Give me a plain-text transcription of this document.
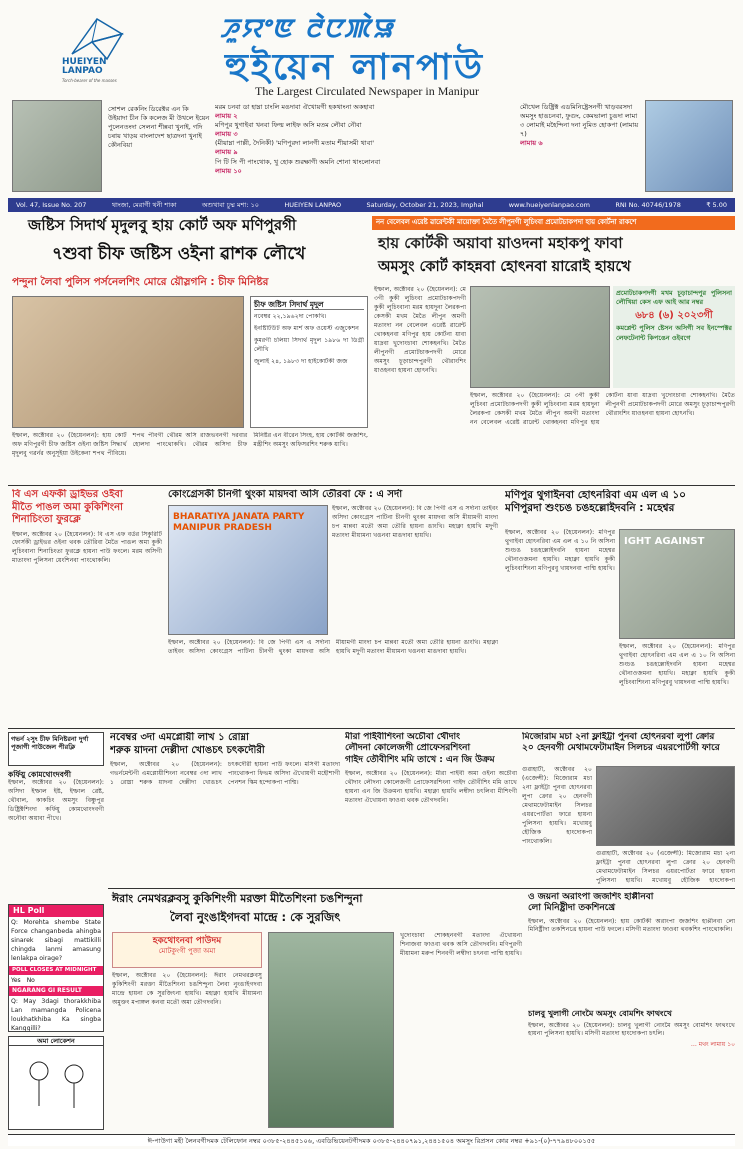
HUEIYEN
LANPAO
Torch-bearer of the masses
ꯍꯨꯌꯦꯟ ꯂꯥꯅꯄꯥꯎ
হুইয়েন লানপাউ
The Largest Circulated Newspaper in Manipur
সোশল রেকনিং ডিরেক্টর এন কি উইয়াদা চীন কি কলেজ মী উখলে ইয়েন পুলেনতংদা সেলনা শীন্নবা খুনাই, গদি চৰায় খাড়য় বাংলাদেশ ছাত্রদনা খুনাই কৌনবিয়া
মরম চনবা ডা হাম্না চাংলি মঙদাবা ঐখোয়গী হকথাংনা অকহাবা
লামায় ২
মণিপুর থুগাইবা খনবা ফিল্ম লাইফ অসি মতম লৌবা নৌবা
লামায় ৩
(মীয়াম্না পাল্লী, দৈনিকী) 'মণিপুরদা লানগী মতাম শীয়াসমী থাবা'
লামায় ৯
পি টি সি পী পাংথোক, খু হোক শুরক্ষাগী অমনি শোনা থাংলোনবা
লামায় ১০
মৌখেল ডিষ্ট্রিক্ট এডমিনিষ্ট্রেসনগী খাড়বরসদা অমসুং হাঙচনবা, ফুগুং, কেমভালা চুঙদা লামা ৩ লোমাই মহৈন্দিনা দনা নুমিত হোকপা (লামায় ৭)
লামায় ৬
Vol. 47, Issue No. 207	থাংজা, মেরাগী থনী শাকা	অশুখাবা চুদ্ম মশা: ১০	HUEIYEN LANPAO	Saturday, October 21, 2023, Imphal	www.hueiyenlanpao.com	RNI No. 40746/1978	₹ 5.00
জষ্টিস সিদার্থ মৃদুলবু হায় কোর্ট অফ মণিপুরগী
৭শুবা চীফ জষ্টিস ওইনা ৱাশক লৌখে
পন্দুনা লৈবা পুলিস পর্সনেলশিং মোরে য়ৌস্লগনি : চীফ মিনিষ্টর
চীফ জষ্টিস সিদার্থ মৃদুল
নবেম্বর ২২,১৯৬২দা পোকখি।
ইনষ্টিটিউট অফ মার্শ অফ ওয়েস্ট এজুকেশন
কুমরগী চলিয়া সিদার্থ মৃদুল ১৯৮৬ দা ডিগ্রী লৌখি
জুলাই ২৪, ১৯৮৩ দা হাইকোর্টকী জজ
ইম্ফাল, অক্টোবর ২০ (হৈয়েনলন): হায় কোর্ট অফ মণিপুরগী চীফ জষ্টিস ওইনা জষ্টিস সিদ্ধার্থ মৃদুলবু গৱর্নর অনুসূইয়া উইকেনা শপথ পীবিয়ে। শপথ পীবগী থৌরম অসি রাজভবনগী দরবার হোলদা পাংথোকখি। থৌরম অসিদা চীফ মিনিষ্টর এন বীরেন সিংহ, হায় কোর্টকী জজশিং, মন্ত্রীশিং অমসুং অফিসরশিং শরুক য়াখি।
নন বেলেবল এরেষ্ট ৱারেন্টকী মায়োক্তা মৈতৈ লীপুনগী লুচিংবা প্রমোটচাকপদা হায় কোর্টনা রাকশে
হায় কোর্টকী অয়াবা য়াওদনা মহাকপু ফাবা
অমসুং কোর্ট কাহন্নবা হোৎনবা য়ারোই হায়খে
ইম্ফাল, অক্টোবর ২০ (হৈয়েনলন): মে ৩গী কুকী লুচিংবা প্রমোটচাকপদগী কুকী লুচিংবানা মরম হায়দুনা লৈরকপা কেসকী মখম মৈতৈ লীপুন অমগী মতাংদা নন বেলেবল এরেষ্ট ৱারেন্ট থোকহনবা মণিপুর হায় কোর্টনা য়াবা য়াদ্রবা খুদোংচাবা শোকহনখি। মৈতৈ লীপুনগী প্রমোটচাকপদগী মোরে অমসুং চূড়াচান্দপুরগী থৌরাংশিং য়াওহনবা হায়না হোৎনখি।
প্রমোটচাকপদগী মখম চূড়াচান্দপুর পুলিসনা লৌখিয়া কেস এফ আই আর নম্বর
৬৮৪ (৬) ২০২৩গী
কমপ্লেন্ট পুলিস ষ্টেসন অসিগী সব ইনস্পেক্টর লেফটেনান্ট কিপঙেন ওইবগে
ইম্ফাল, অক্টোবর ২০ (হৈয়েনলন): মে ৩গী কুকী লুচিংবা প্রমোটচাকপদগী কুকী লুচিংবানা মরম হায়দুনা লৈরকপা কেসকী মখম মৈতৈ লীপুন অমগী মতাংদা নন বেলেবল এরেষ্ট ৱারেন্ট থোকহনবা মণিপুর হায় কোর্টনা য়াবা য়াদ্রবা খুদোংচাবা শোকহনখি। মৈতৈ লীপুনগী প্রমোটচাকপদগী মোরে অমসুং চূড়াচান্দপুরগী থৌরাংশিং য়াওহনবা হায়না হোৎনখি।
বি এস এফকী ড্রাইভর ওইবা
মীতৈ পাঙল অমা কুকিশিংনা শিনাচিংতা ফুরক্লে
ইম্ফাল, অক্টোবর ২০ (হৈয়েনলন): বি এস এফ বর্ডর সিকুরিটি ফোর্সকী ড্রাইভর ওইনা থবক তৌরিবা মৈতৈ পাঙল অমা কুকী লুচিংবানা শিনাচিংতা ফুরক্লে হায়না পাউ ফংলে। মরম অসিগী মাতাংদা পুলিসনা য়েংশিনবা পাংথোকলি।
কোংগ্রেসকী চীনগী থুংকা মায়দবা অসি তৌরবা ফে : এ সর্দা
BHARATIYA JANATA PARTY
MANIPUR PRADESH
ইম্ফাল, অক্টোবর ২০ (হৈয়েনলন): বি জে পিগী এস এ সর্দানা তাইবং অসিদা কোংগ্রেস পাটিনা চীনগী থুংকা মায়দবা অসি মীয়ামগী মাংদা চপ মান্নবা মতৌ অমা তৌরি হায়না ঙাংখি। মহাক্না হায়খি মদুগী মতাংদা মীয়ামনা খঙনবা মাঙদাবা হায়খি।
ইম্ফাল, অক্টোবর ২০ (হৈয়েনলন): বি জে পিগী এস এ সর্দানা তাইবং অসিদা কোংগ্রেস পাটিনা চীনগী থুংকা মায়দবা অসি মীয়ামগী মাংদা চপ মান্নবা মতৌ অমা তৌরি হায়না ঙাংখি। মহাক্না হায়খি মদুগী মতাংদা মীয়ামনা খঙনবা মাঙদাবা হায়খি।
মণিপুর থুগাইনবা হোৎনরিবা এম এল এ ১০
মণিপুরদা শুংচঙ চঙহল্লোইদবনি : মহেশ্বর
ইম্ফাল, অক্টোবর ২০ (হৈয়েনলন): মণিপুর থুগাইবা হোৎনরিবা এম এল এ ১০ নি অসিনা শুংচঙ চঙহল্লোইদবনি হায়না মহেশ্বর থৌনাওজমনা হায়খি। মহাক্না হায়খি কুকী লুচিংবাশিংনা মণিপুরবু খায়দনবা পাম্মি হায়খি।
IGHT AGAINST
ইম্ফাল, অক্টোবর ২০ (হৈয়েনলন): মণিপুর থুগাইবা হোৎনরিবা এম এল এ ১০ নি অসিনা শুংচঙ চঙহল্লোইদবনি হায়না মহেশ্বর থৌনাওজমনা হায়খি। মহাক্না হায়খি কুকী লুচিংবাশিংনা মণিপুরবু খায়দনবা পাম্মি হায়খি।
গভর্ন ২সুং চীফ মিনিষ্টরনা দুর্গা পূজাগী পাউজেল পীরক্লি
কর্ফিয়ু কোমথোংদবগী
ইম্ফাল, অক্টোবর ২০ (হৈয়েনলন): অসিদা ইম্ফাল ইষ্ট, ইম্ফাল ৱেষ্ট, থৌবাল, কাকচিং অমসুং বিষ্ণুপুর ডিষ্ট্রিক্টশিংদা কর্ফিয়ু কোমথোংদবগী অনৌবা অয়াবা পীখে।
HL Poll
Q: Morehta shembe State Force changanbeda ahingba sinarek sibagi mattikilli chingda lanmi amasung lenlakpa oirage?
POLL CLOSES AT MIDNIGHT
Yes No
NGARANG GI RESULT
Q: May 3dagi thorakkhiba Lan mamangda Policena loukhatkhiba Ka singba Kanggilli?
অমা লোকেশন
নবেম্বর ৩দা এমপ্লোয়ী লাখ ১ রোম্না
শরুক য়াদনা দেল্লীদা খোঙচৎ চৎকদৌরী
ইম্ফাল, অক্টোবর ২০ (হৈয়েনলন): গভর্নমেন্টগী এমপ্লোয়ীশিংনা নবেম্বর ৩দা লাখ ১ রোম্না শরুক য়াদনা দেল্লীদা খোঙচৎ চৎকদৌরী হায়না পাউ ফংলে। মসিগী মতাংদা পাংথোকপা ফিভম অসিদা ঐখোয়গী মহৌশাগী পেনশন স্কিম হন্দোকপা পাম্মি।
মীরা পাইবীশিংনা অচৌবা থৌদাং
লৌদনা কোলেজগী প্রোফেসরশিংনা
গাইদ তৌবীশিং মমি তাখে : এন জি উক্রম
ইম্ফাল, অক্টোবর ২০ (হৈয়েনলন): মীরা পাইবী অমা ওইনা অচৌবা থৌদাং লৌদনা কোলেজগী প্রোফেসরশিংনা গাইদ তৌবীশিং মমি তাখে হায়না এন জি উক্রমনা হায়খি। মহাক্না হায়খি লম্বীদা চৎলিবা মীশিংগী মতাংদা ঐখোয়না ফাওবা থবক তৌগদবনি।
মিজোরাম মচা ২না ফ্লাইট্টা পুনবা হোৎনরবা লুপা ক্রোর
২০ হেনবগী মেথামফেটামাইন সিলচর এয়রপোর্টগী ফারে
গুৱাহাটী, অক্টোবর ২০ (এজেন্সী): মিজোরাম মচা ২না ফ্লাইট্টা পুনবা হোৎনরবা লুপা ক্রোর ২০ হেনবগী মেথামফেটামাইন সিলচর এয়রপোর্টতা ফারে হায়না পুলিসনা হায়খি। মখোয়বু হৌজিক হাংদোকপা পাংথোকলি।
গুৱাহাটী, অক্টোবর ২০ (এজেন্সী): মিজোরাম মচা ২না ফ্লাইট্টা পুনবা হোৎনরবা লুপা ক্রোর ২০ হেনবগী মেথামফেটামাইন সিলচর এয়রপোর্টতা ফারে হায়না পুলিসনা হায়খি। মখোয়বু হৌজিক হাংদোকপা
ঈরাং নেমথরক্লবসু কুকিশিংগী মরক্তা মীতৈশিংনা চঙশিন্দুনা
লৈবা নুংঙাইগদবা মান্দ্রে : কে সুরজিৎ
হকথোংনবা পাউদম
মোটকুংগী পুজা অমা
ইম্ফাল, অক্টোবর ২০ (হৈয়েনলন): ঈরাং নেমথরক্লবসু কুকিশিংগী মরক্তা মীতৈশিংনা চঙশিন্দুনা লৈবা নুংঙাইগদবা মান্দ্রে হায়না কে সুরজিৎনা হায়খি। মহাক্না হায়খি মীয়ামনা অমুক্তং মপাঙ্গল কনবা মতৌ অমা তৌগদবনি।
খুদোংচাবা শোকহনবগী মতাংদা ঐখোয়না শিনাজবা ফাওবা থবক অসি তৌগদবনি। মণিপুরগী মীয়ামনা মরুপ শিনবগী লম্বীদা চৎনবা পাম্মি হায়খি।
ও জয়না অরাংপা জজশিং হাপ্পীনবা
লো মিনিষ্ট্রীদা তকশিনখ্রে
ইম্ফাল, অক্টোবর ২০ (হৈয়েনলন): হায় কোর্টকী অরাংপা জজশিং হাপ্পীনবা লো মিনিষ্ট্রীদা তকশিনখ্রে হায়না পাউ ফংলে। মসিগী মতাংদা ফাওবা থবকশিং পাংথোকলি।
চালবু খুলাগী নোংমৈ অমসুং বোমশিং ফাথংখে
ইম্ফাল, অক্টোবর ২০ (হৈয়েনলন): চালবু খুলাগী নোংমৈ অমসুং বোমশিং ফাথংখে হায়না পুলিসনা হায়খি। মসিগী মতাংদা হাংদোকপা চৎলি।
… মথং লামায় ১০
ঈ-পাউগা মহী লৈনবগীদমক টেলিফোন নম্বর ০৩৮৫-২৪৪৫১০৬, এবডিভিয়েনটগীদমক ০৩৮৫-২৪৪০৭৯১,২৪৪১৫০৪ অমসুং রিপ্রসন কোর নম্বর +৯১-(০)-৭৭৯৪৮০০১৫৫
